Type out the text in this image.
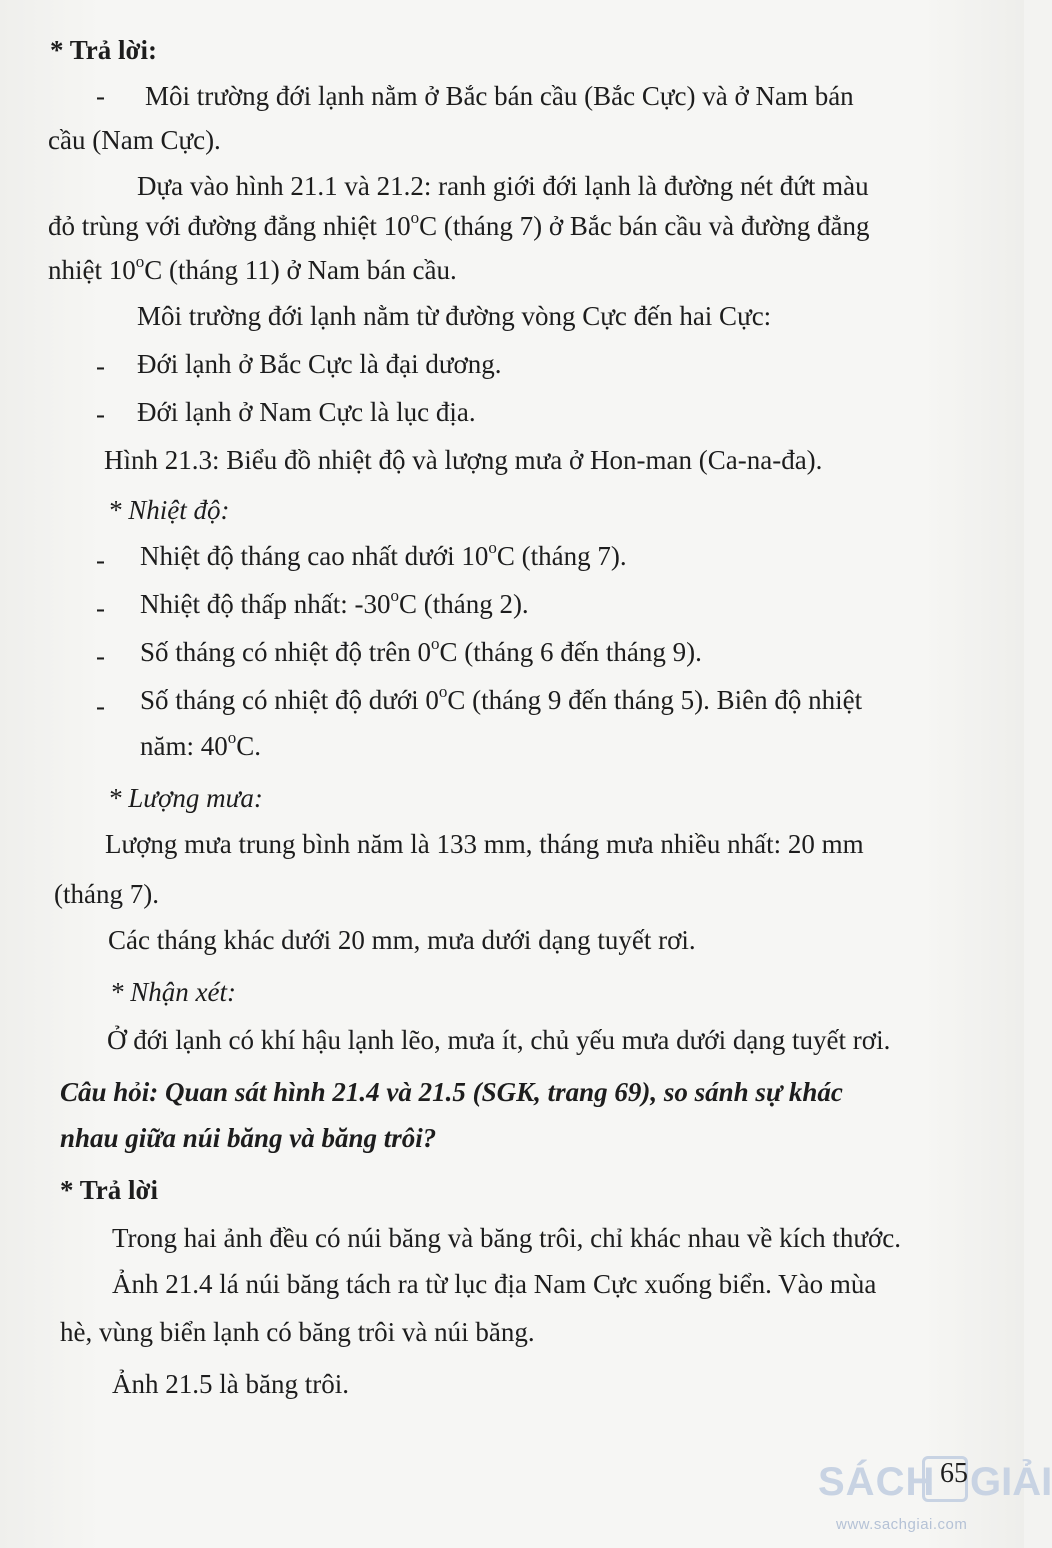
* Trả lời:
- Môi trường đới lạnh nằm ở Bắc bán cầu (Bắc Cực) và ở Nam bán
cầu (Nam Cực).
Dựa vào hình 21.1 và 21.2: ranh giới đới lạnh là đường nét đứt màu
đỏ trùng với đường đẳng nhiệt 10$^o$C (tháng 7) ở Bắc bán cầu và đường đẳng
nhiệt 10$^o$C (tháng 11) ở Nam bán cầu.
Môi trường đới lạnh nằm từ đường vòng Cực đến hai Cực:
- Đới lạnh ở Bắc Cực là đại dương.
- Đới lạnh ở Nam Cực là lục địa.
Hình 21.3: Biểu đồ nhiệt độ và lượng mưa ở Hon-man (Ca-na-đa).
* Nhiệt độ:
- Nhiệt độ tháng cao nhất dưới 10$^o$C (tháng 7).
- Nhiệt độ thấp nhất: -30$^o$C (tháng 2).
- Số tháng có nhiệt độ trên 0$^o$C (tháng 6 đến tháng 9).
- Số tháng có nhiệt độ dưới 0$^o$C (tháng 9 đến tháng 5). Biên độ nhiệt
năm: 40$^o$C.
* Lượng mưa:
Lượng mưa trung bình năm là 133 mm, tháng mưa nhiều nhất: 20 mm
(tháng 7).
Các tháng khác dưới 20 mm, mưa dưới dạng tuyết rơi.
* Nhận xét:
Ở đới lạnh có khí hậu lạnh lẽo, mưa ít, chủ yếu mưa dưới dạng tuyết rơi.
Câu hỏi: Quan sát hình 21.4 và 21.5 (SGK, trang 69), so sánh sự khác
nhau giữa núi băng và băng trôi?
* Trả lời
Trong hai ảnh đều có núi băng và băng trôi, chỉ khác nhau về kích thước.
Ảnh 21.4 lá núi băng tách ra từ lục địa Nam Cực xuống biển. Vào mùa
hè, vùng biển lạnh có băng trôi và núi băng.
Ảnh 21.5 là băng trôi.
SÁCH GIẢI
www.sachgiai.com
65
